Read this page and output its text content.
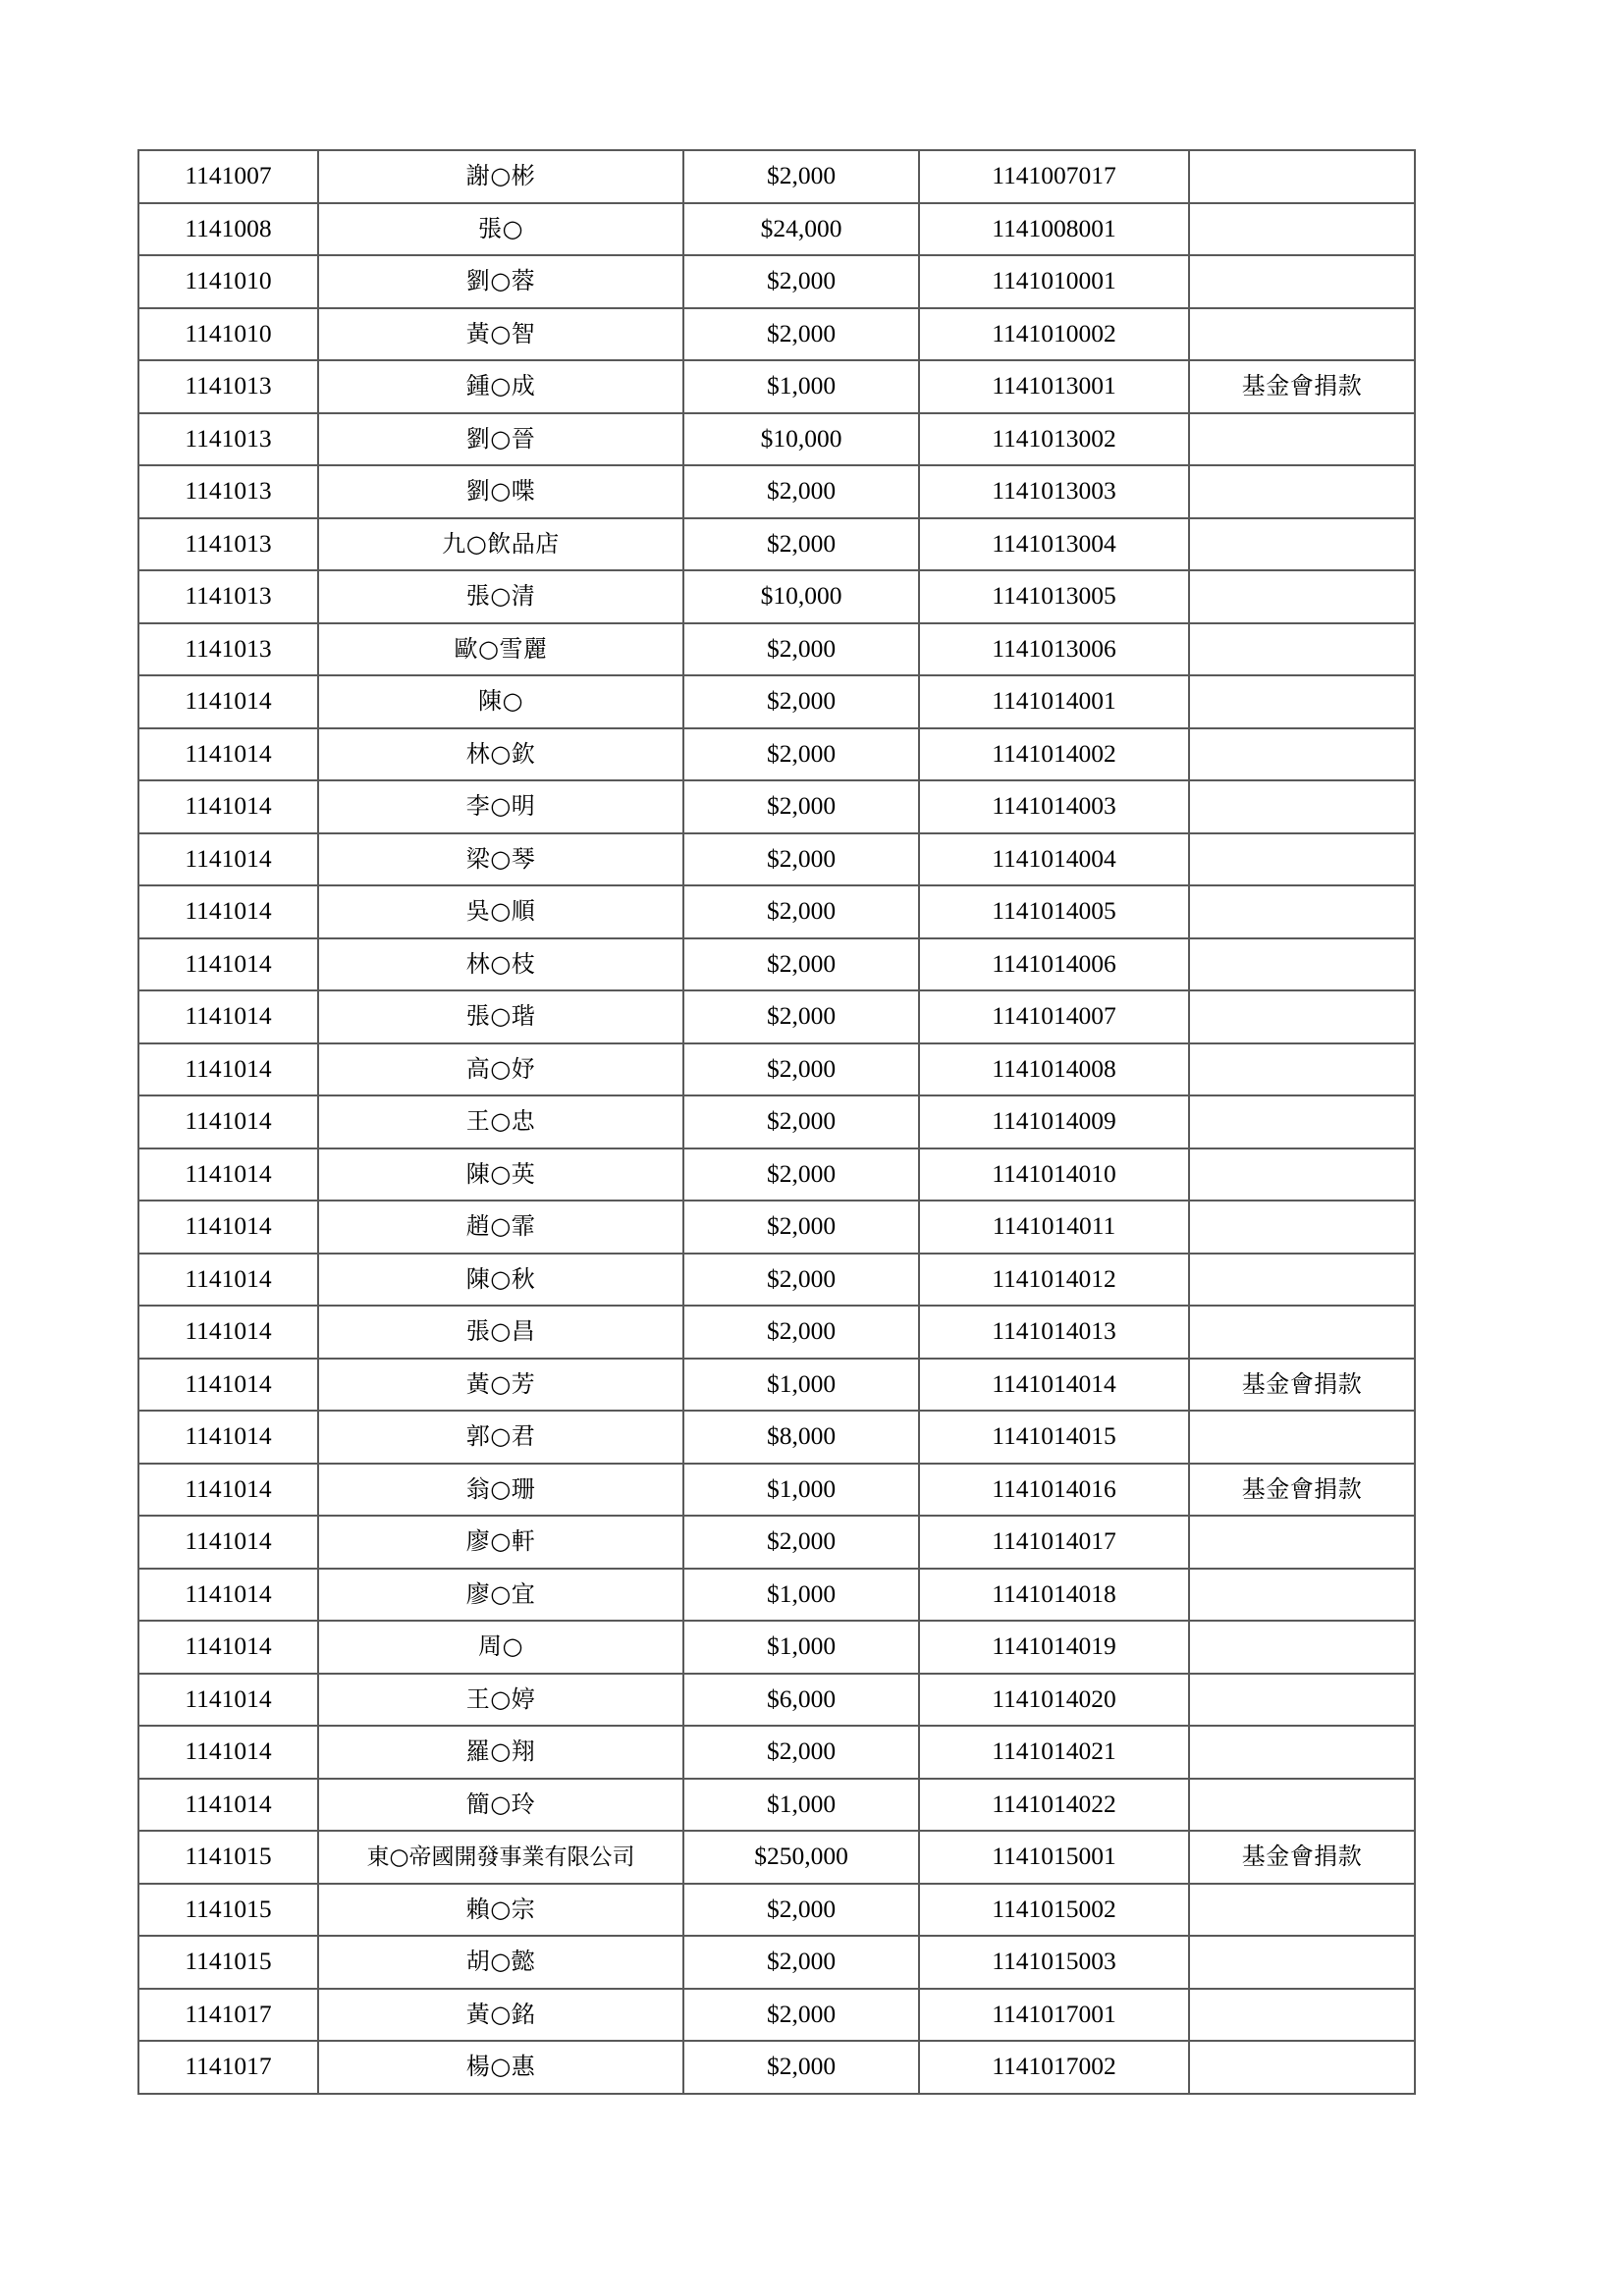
1141007	謝○彬	$2,000	1141007017	
1141008	張○	$24,000	1141008001	
1141010	劉○蓉	$2,000	1141010001	
1141010	黃○智	$2,000	1141010002	
1141013	鍾○成	$1,000	1141013001	基金會捐款
1141013	劉○晉	$10,000	1141013002	
1141013	劉○喋	$2,000	1141013003	
1141013	九○飲品店	$2,000	1141013004	
1141013	張○清	$10,000	1141013005	
1141013	歐○雪麗	$2,000	1141013006	
1141014	陳○	$2,000	1141014001	
1141014	林○欽	$2,000	1141014002	
1141014	李○明	$2,000	1141014003	
1141014	梁○琴	$2,000	1141014004	
1141014	吳○順	$2,000	1141014005	
1141014	林○枝	$2,000	1141014006	
1141014	張○瑎	$2,000	1141014007	
1141014	高○妤	$2,000	1141014008	
1141014	王○忠	$2,000	1141014009	
1141014	陳○英	$2,000	1141014010	
1141014	趙○霏	$2,000	1141014011	
1141014	陳○秋	$2,000	1141014012	
1141014	張○昌	$2,000	1141014013	
1141014	黃○芳	$1,000	1141014014	基金會捐款
1141014	郭○君	$8,000	1141014015	
1141014	翁○珊	$1,000	1141014016	基金會捐款
1141014	廖○軒	$2,000	1141014017	
1141014	廖○宜	$1,000	1141014018	
1141014	周○	$1,000	1141014019	
1141014	王○婷	$6,000	1141014020	
1141014	羅○翔	$2,000	1141014021	
1141014	簡○玲	$1,000	1141014022	
1141015	東○帝國開發事業有限公司	$250,000	1141015001	基金會捐款
1141015	賴○宗	$2,000	1141015002	
1141015	胡○懿	$2,000	1141015003	
1141017	黃○銘	$2,000	1141017001	
1141017	楊○惠	$2,000	1141017002	
